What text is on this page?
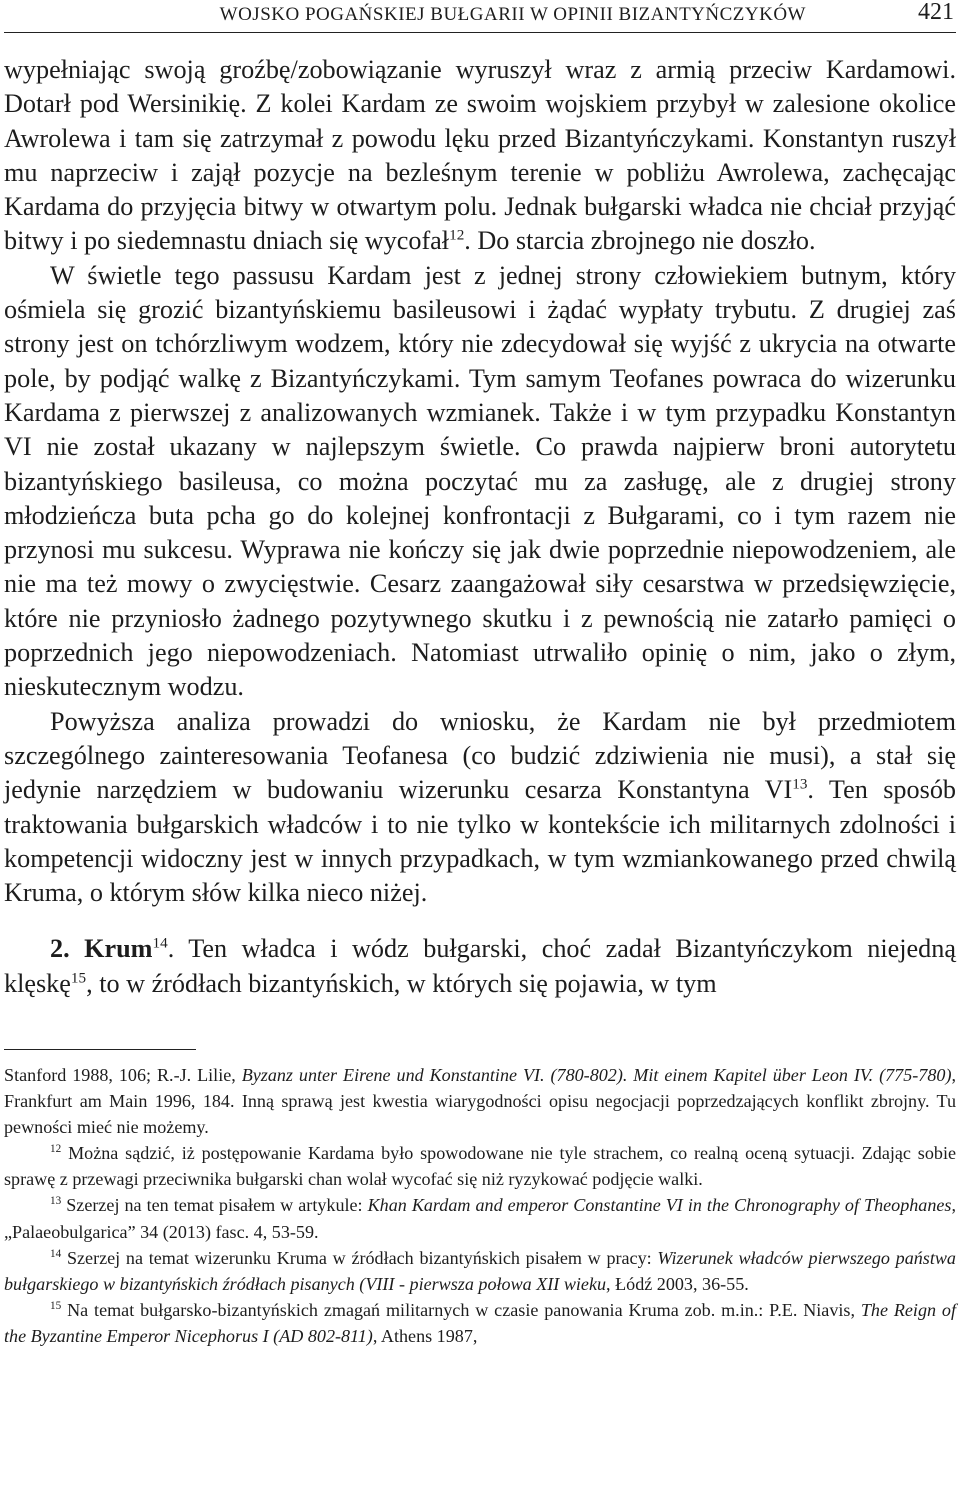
WOJSKO POGAŃSKIEJ BUŁGARII W OPINII BIZANTYŃCZYKÓW	421

wypełniając swoją groźbę/zobowiązanie wyruszył wraz z armią przeciw Kardamowi. Dotarł pod Wersinikię. Z kolei Kardam ze swoim wojskiem przybył w zalesione okolice Awrolewa i tam się zatrzymał z powodu lęku przed Bizantyńczykami. Konstantyn ruszył mu naprzeciw i zajął pozycje na bezleśnym terenie w pobliżu Awrolewa, zachęcając Kardama do przyjęcia bitwy w otwartym polu. Jednak bułgarski władca nie chciał przyjąć bitwy i po siedemnastu dniach się wycofał$^{12}$. Do starcia zbrojnego nie doszło.

W świetle tego passusu Kardam jest z jednej strony człowiekiem butnym, który ośmiela się grozić bizantyńskiemu basileusowi i żądać wypłaty trybutu. Z drugiej zaś strony jest on tchórzliwym wodzem, który nie zdecydował się wyjść z ukrycia na otwarte pole, by podjąć walkę z Bizantyńczykami. Tym samym Teofanes powraca do wizerunku Kardama z pierwszej z analizowanych wzmianek. Także i w tym przypadku Konstantyn VI nie został ukazany w najlepszym świetle. Co prawda najpierw broni autorytetu bizantyńskiego basileusa, co można poczytać mu za zasługę, ale z drugiej strony młodzieńcza buta pcha go do kolejnej konfrontacji z Bułgarami, co i tym razem nie przynosi mu sukcesu. Wyprawa nie kończy się jak dwie poprzednie niepowodzeniem, ale nie ma też mowy o zwycięstwie. Cesarz zaangażował siły cesarstwa w przedsięwzięcie, które nie przyniosło żadnego pozytywnego skutku i z pewnością nie zatarło pamięci o poprzednich jego niepowodzeniach. Natomiast utrwaliło opinię o nim, jako o złym, nieskutecznym wodzu.

Powyższa analiza prowadzi do wniosku, że Kardam nie był przedmiotem szczególnego zainteresowania Teofanesa (co budzić zdziwienia nie musi), a stał się jedynie narzędziem w budowaniu wizerunku cesarza Konstantyna VI$^{13}$. Ten sposób traktowania bułgarskich władców i to nie tylko w kontekście ich militarnych zdolności i kompetencji widoczny jest w innych przypadkach, w tym wzmiankowanego przed chwilą Kruma, o którym słów kilka nieco niżej.

2. Krum$^{14}$. Ten władca i wódz bułgarski, choć zadał Bizantyńczykom niejedną klęskę$^{15}$, to w źródłach bizantyńskich, w których się pojawia, w tym

Stanford 1988, 106; R.-J. Lilie, Byzanz unter Eirene und Konstantine VI. (780-802). Mit einem Kapitel über Leon IV. (775-780), Frankfurt am Main 1996, 184. Inną sprawą jest kwestia wiarygodności opisu negocjacji poprzedzających konflikt zbrojny. Tu pewności mieć nie możemy.

$^{12}$ Można sądzić, iż postępowanie Kardama było spowodowane nie tyle strachem, co realną oceną sytuacji. Zdając sobie sprawę z przewagi przeciwnika bułgarski chan wolał wycofać się niż ryzykować podjęcie walki.

$^{13}$ Szerzej na ten temat pisałem w artykule: Khan Kardam and emperor Constantine VI in the Chronography of Theophanes, „Palaeobulgarica” 34 (2013) fasc. 4, 53-59.

$^{14}$ Szerzej na temat wizerunku Kruma w źródłach bizantyńskich pisałem w pracy: Wizerunek władców pierwszego państwa bułgarskiego w bizantyńskich źródłach pisanych (VIII - pierwsza połowa XII wieku, Łódź 2003, 36-55.

$^{15}$ Na temat bułgarsko-bizantyńskich zmagań militarnych w czasie panowania Kruma zob. m.in.: P.E. Niavis, The Reign of the Byzantine Emperor Nicephorus I (AD 802-811), Athens 1987,
